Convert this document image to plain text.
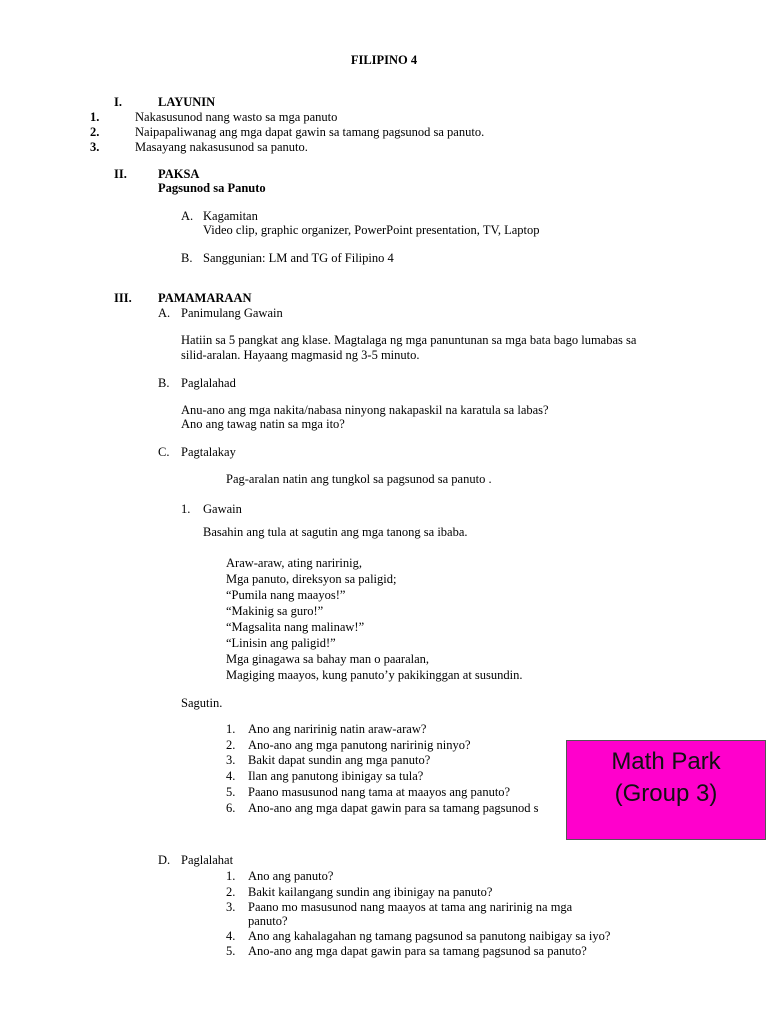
FILIPINO 4
I.	LAYUNIN
1.	Nakasusunod nang wasto sa mga panuto
2.	Naipapaliwanag ang mga dapat gawin sa tamang pagsunod sa panuto.
3.	Masayang nakasusunod sa panuto.
II. PAKSA
Pagsunod sa Panuto
A. Kagamitan
Video clip, graphic organizer, PowerPoint presentation, TV, Laptop
B. Sanggunian: LM and TG of Filipino 4
III. PAMAMARAAN
A. Panimulang Gawain
Hatiin sa 5 pangkat ang klase. Magtalaga ng mga panuntunan sa mga bata bago lumabas sa
silid-aralan. Hayaang magmasid ng 3-5 minuto.
B. Paglalahad
Anu-ano ang mga nakita/nabasa ninyong nakapaskil na karatula sa labas?
Ano ang tawag natin sa mga ito?
C. Pagtalakay
Pag-aralan natin ang tungkol sa pagsunod sa panuto .
1. Gawain
Basahin ang tula at sagutin ang mga tanong sa ibaba.
Araw-araw, ating naririnig,
Mga panuto, direksyon sa paligid;
“Pumila nang maayos!”
“Makinig sa guro!”
“Magsalita nang malinaw!”
“Linisin ang paligid!”
Mga ginagawa sa bahay man o paaralan,
Magiging maayos, kung panuto’y pakikinggan at susundin.
Sagutin.
1. Ano ang naririnig natin araw-araw?
2. Ano-ano ang mga panutong naririnig ninyo?
3. Bakit dapat sundin ang mga panuto?
4. Ilan ang panutong ibinigay sa tula?
5. Paano masusunod nang tama at maayos ang panuto?
6. Ano-ano ang mga dapat gawin para sa tamang pagsunod s
D. Paglalahat
1. Ano ang panuto?
2. Bakit kailangang sundin ang ibinigay na panuto?
3. Paano mo masusunod nang maayos at tama ang naririnig na mga
panuto?
4. Ano ang kahalagahan ng tamang pagsunod sa panutong naibigay sa iyo?
5. Ano-ano ang mga dapat gawin para sa tamang pagsunod sa panuto?
Math Park
(Group 3)
